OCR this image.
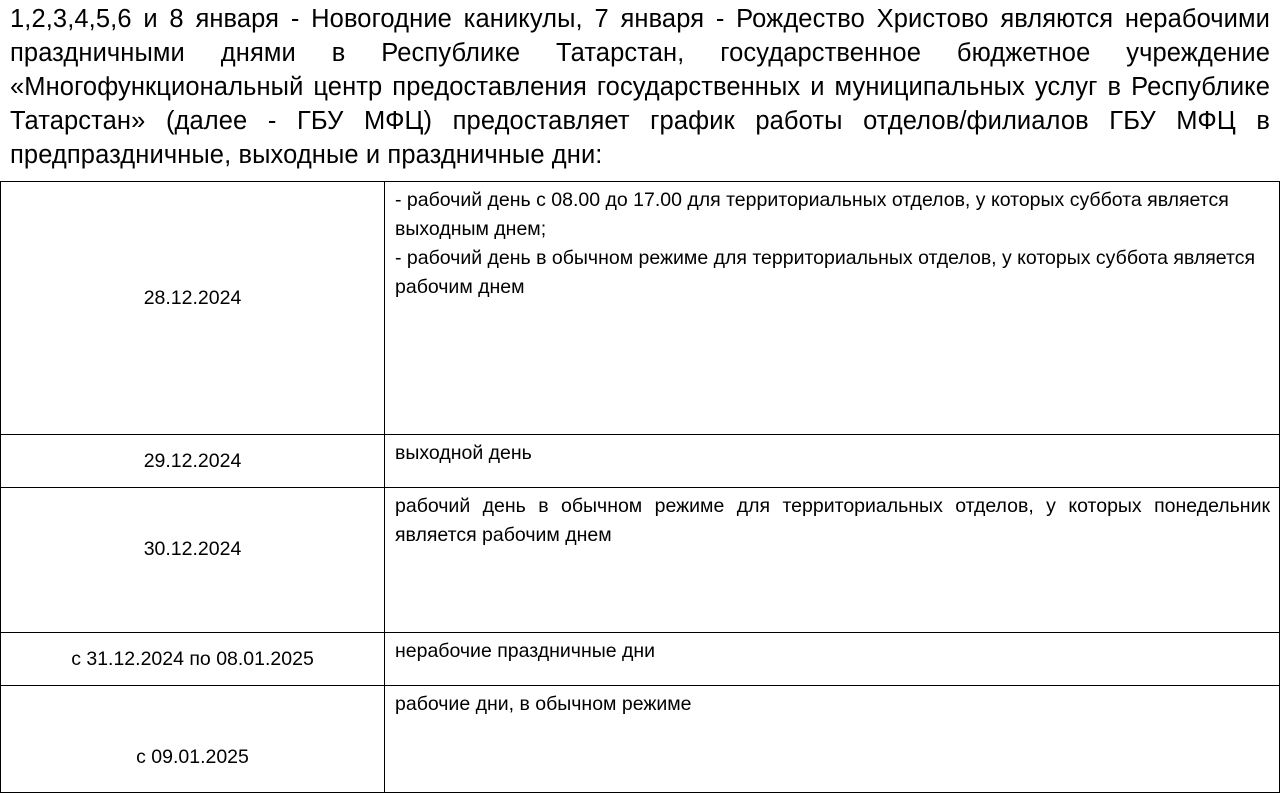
1,2,3,4,5,6 и 8 января - Новогодние каникулы, 7 января - Рождество Христово являются нерабочими праздничными днями в Республике Татарстан, государственное бюджетное учреждение «Многофункциональный центр предоставления государственных и муниципальных услуг в Республике Татарстан» (далее - ГБУ МФЦ) предоставляет график работы отделов/филиалов ГБУ МФЦ в предпраздничные, выходные и праздничные дни:

28.12.2024	- рабочий день с 08.00 до 17.00 для территориальных отделов, у которых суббота является выходным днем;
- рабочий день в обычном режиме для территориальных отделов, у которых суббота является рабочим днем

29.12.2024	выходной день

30.12.2024	рабочий день в обычном режиме для территориальных отделов, у которых понедельник является рабочим днем

с 31.12.2024 по 08.01.2025	нерабочие праздничные дни

с 09.01.2025	рабочие дни, в обычном режиме
